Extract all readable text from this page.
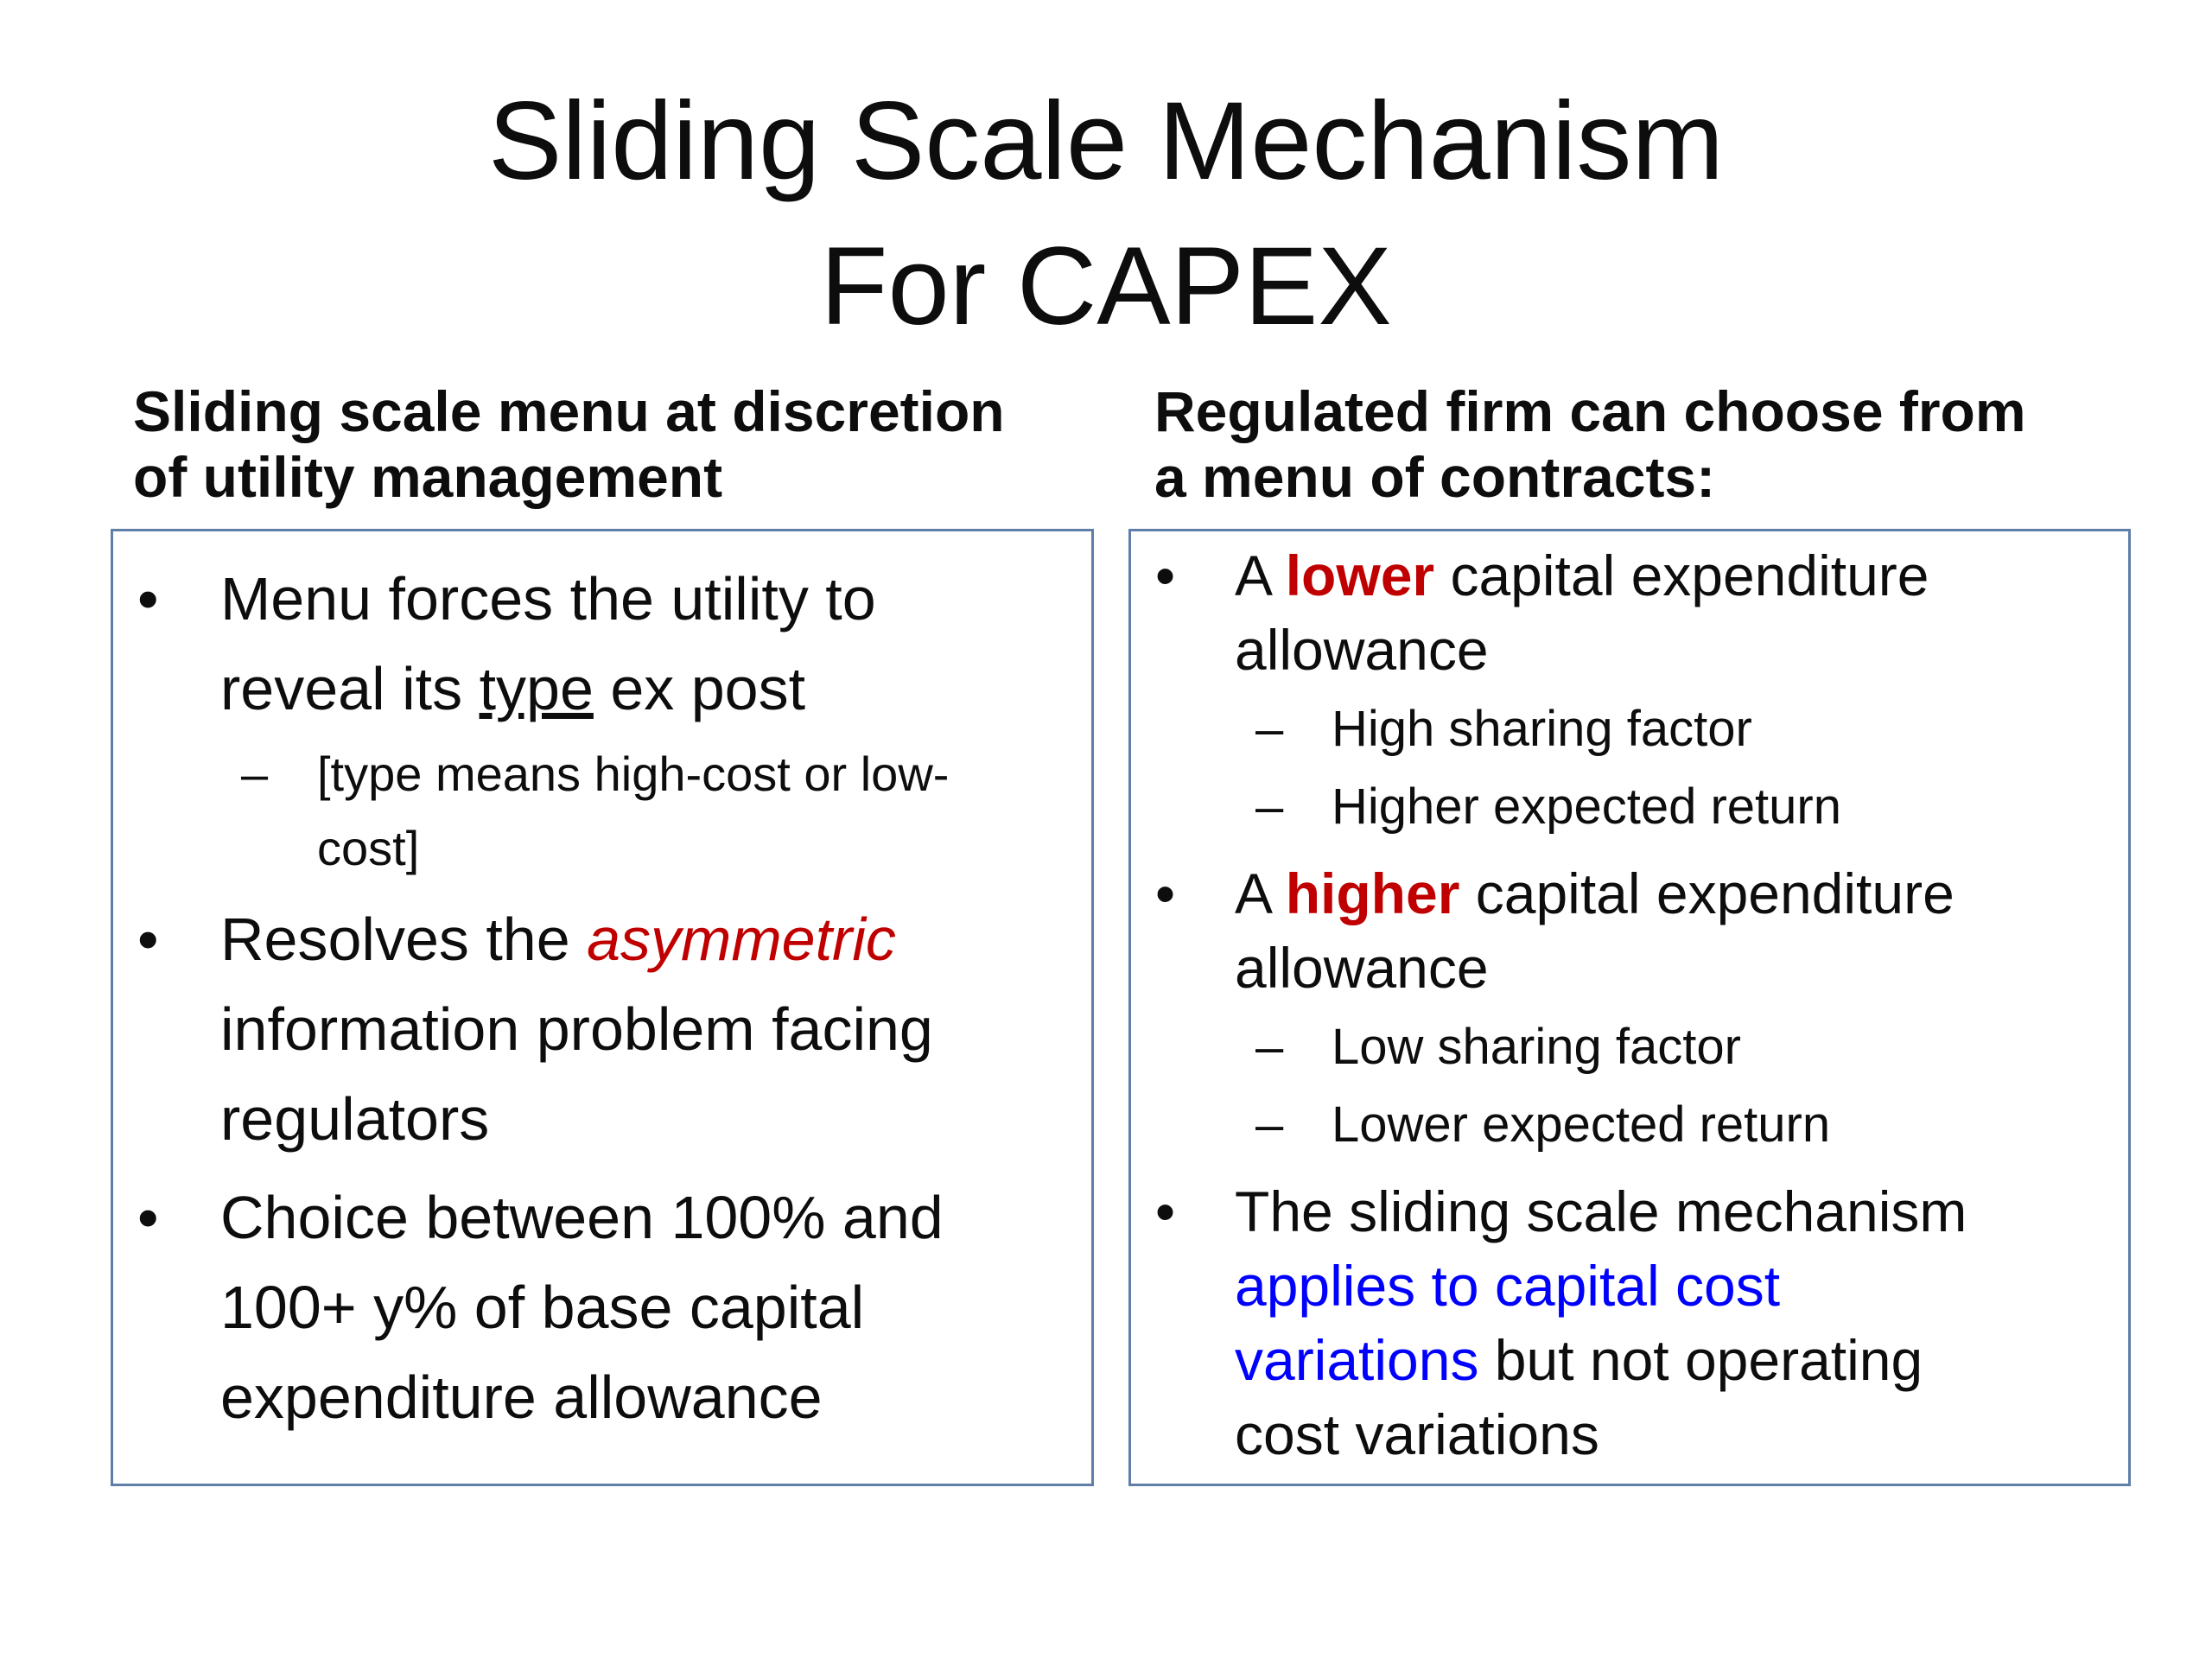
Sliding Scale Mechanism
For CAPEX
Sliding scale menu at discretion
of utility management
Regulated firm can choose from
a menu of contracts:
• Menu forces the utility to
reveal its type ex post
– [type means high-cost or low-
cost]
• Resolves the asymmetric
information problem facing
regulators
• Choice between 100% and
100+ y% of base capital
expenditure allowance
• A lower capital expenditure
allowance
– High sharing factor
– Higher expected return
• A higher capital expenditure
allowance
– Low sharing factor
– Lower expected return
• The sliding scale mechanism
applies to capital cost
variations but not operating
cost variations
